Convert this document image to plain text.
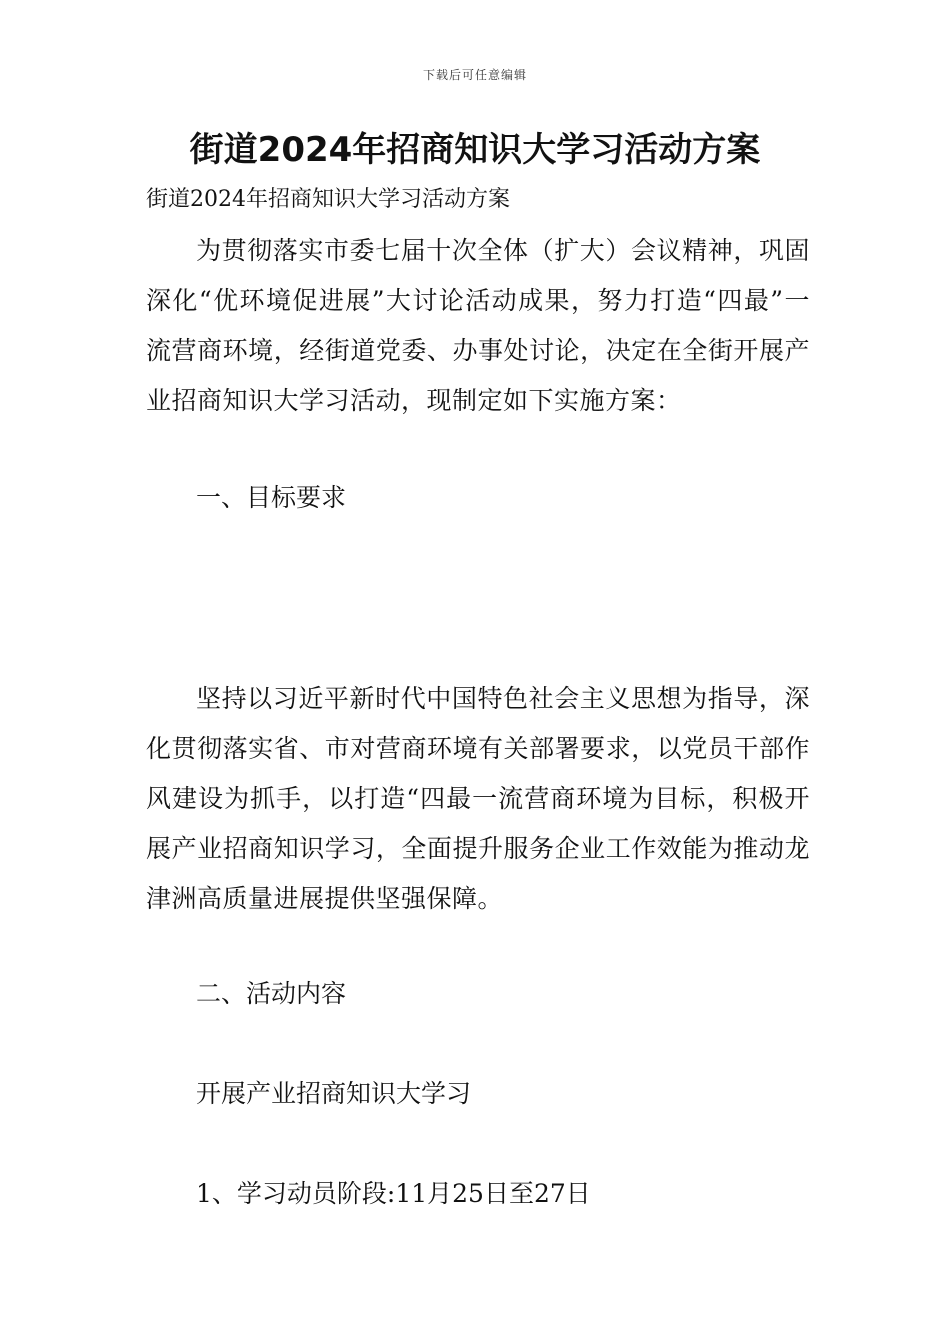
下载后可任意编辑
街道2024年招商知识大学习活动方案
街道2024年招商知识大学习活动方案
为贯彻落实市委七届十次全体（扩大）会议精神，巩固深化“优环境促进展”大讨论活动成果，努力打造“四最”一流营商环境，经街道党委、办事处讨论，决定在全街开展产业招商知识大学习活动，现制定如下实施方案：
一、目标要求
坚持以习近平新时代中国特色社会主义思想为指导，深化贯彻落实省、市对营商环境有关部署要求，以党员干部作风建设为抓手，以打造“四最一流营商环境为目标，积极开展产业招商知识学习，全面提升服务企业工作效能为推动龙津洲高质量进展提供坚强保障。
二、活动内容
开展产业招商知识大学习
1、学习动员阶段:11月25日至27日
